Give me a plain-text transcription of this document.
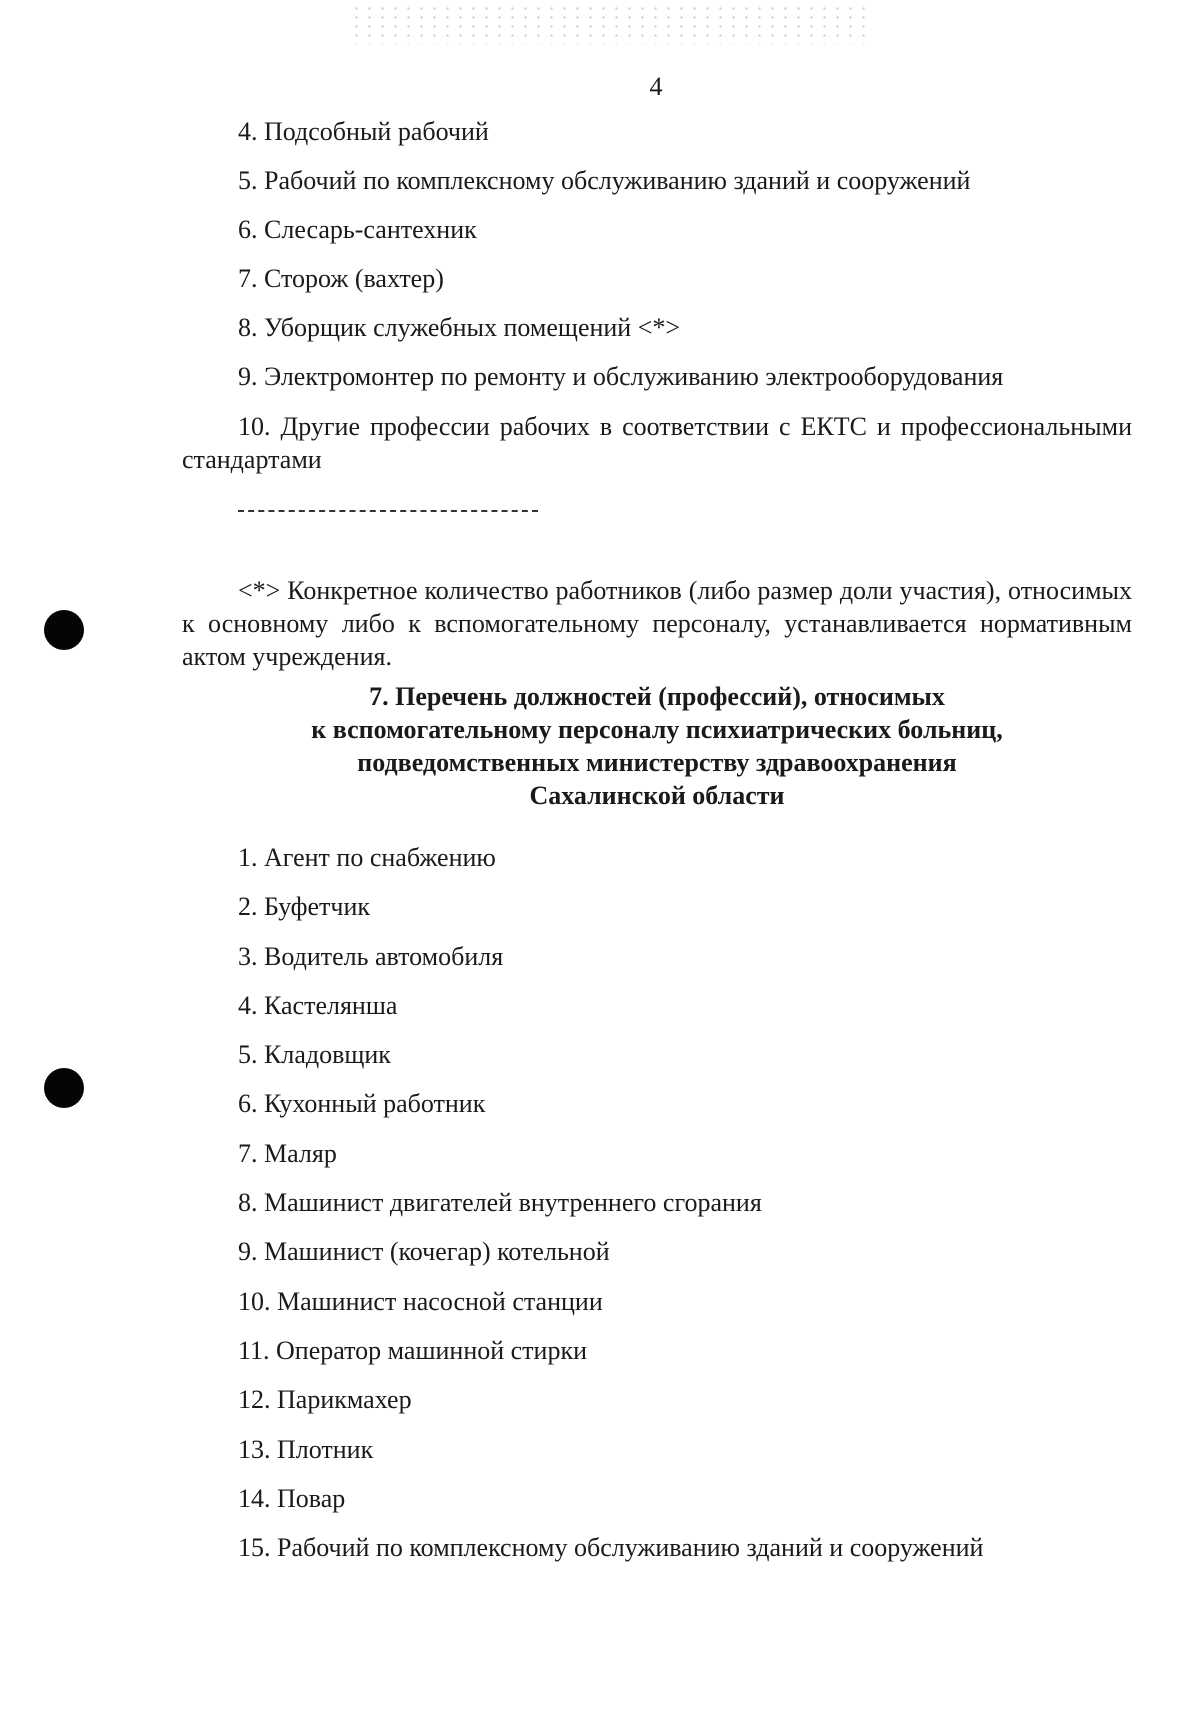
4
4. Подсобный рабочий
5. Рабочий по комплексному обслуживанию зданий и сооружений
6. Слесарь-сантехник
7. Сторож (вахтер)
8. Уборщик служебных помещений <*>
9. Электромонтер по ремонту и обслуживанию электрооборудования
10. Другие профессии рабочих в соответствии с ЕКТС и профессиональными стандартами

<*> Конкретное количество работников (либо размер доли участия), относимых к основному либо к вспомогательному персоналу, устанавливается нормативным актом учреждения.

7. Перечень должностей (профессий), относимых
к вспомогательному персоналу психиатрических больниц,
подведомственных министерству здравоохранения
Сахалинской области
1. Агент по снабжению
2. Буфетчик
3. Водитель автомобиля
4. Кастелянша
5. Кладовщик
6. Кухонный работник
7. Маляр
8. Машинист двигателей внутреннего сгорания
9. Машинист (кочегар) котельной
10. Машинист насосной станции
11. Оператор машинной стирки
12. Парикмахер
13. Плотник
14. Повар
15. Рабочий по комплексному обслуживанию зданий и сооружений
